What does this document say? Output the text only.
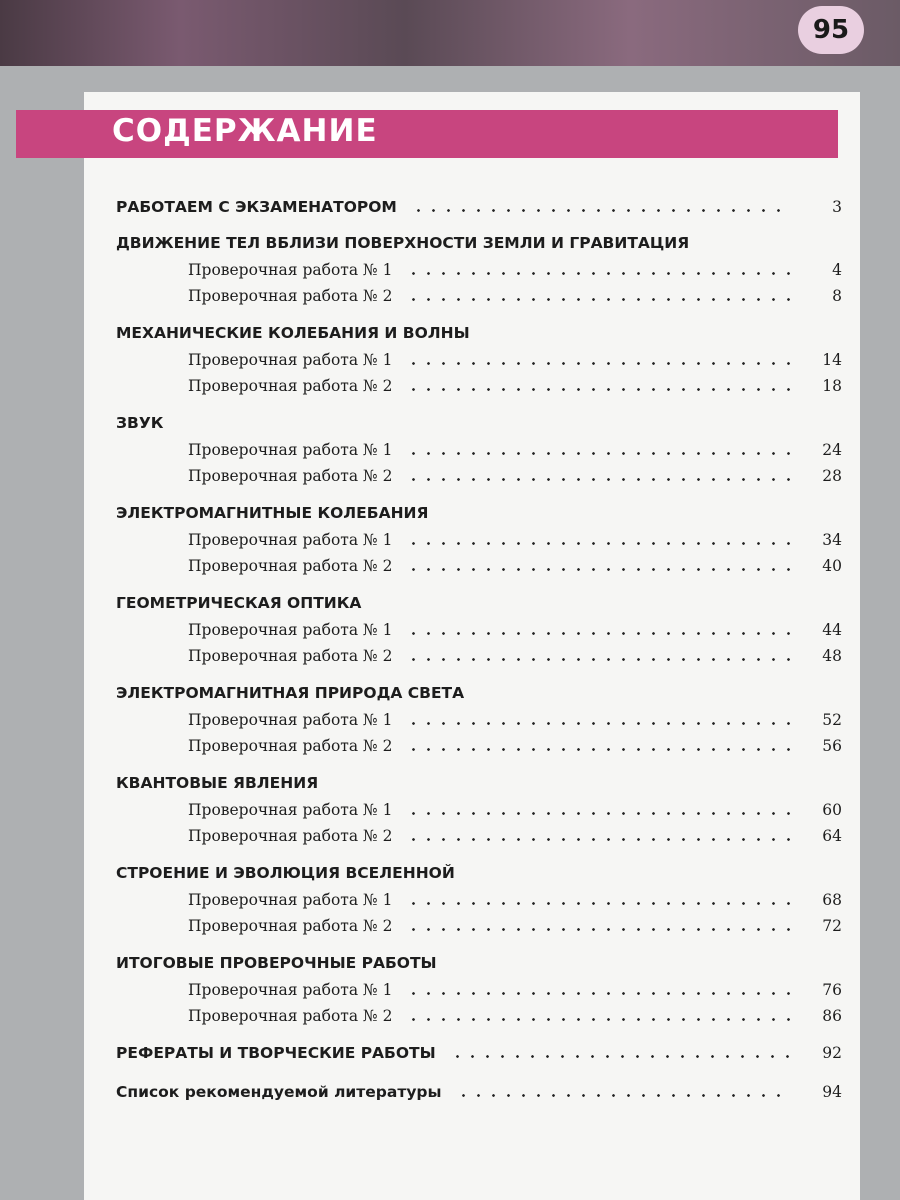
95
СОДЕРЖАНИЕ
РАБОТАЕМ С ЭКЗАМЕНАТОРОМ	3
ДВИЖЕНИЕ ТЕЛ ВБЛИЗИ ПОВЕРХНОСТИ ЗЕМЛИ И ГРАВИТАЦИЯ
Проверочная работа № 1	4
Проверочная работа № 2	8
МЕХАНИЧЕСКИЕ КОЛЕБАНИЯ И ВОЛНЫ
Проверочная работа № 1	14
Проверочная работа № 2	18
ЗВУК
Проверочная работа № 1	24
Проверочная работа № 2	28
ЭЛЕКТРОМАГНИТНЫЕ КОЛЕБАНИЯ
Проверочная работа № 1	34
Проверочная работа № 2	40
ГЕОМЕТРИЧЕСКАЯ ОПТИКА
Проверочная работа № 1	44
Проверочная работа № 2	48
ЭЛЕКТРОМАГНИТНАЯ ПРИРОДА СВЕТА
Проверочная работа № 1	52
Проверочная работа № 2	56
КВАНТОВЫЕ ЯВЛЕНИЯ
Проверочная работа № 1	60
Проверочная работа № 2	64
СТРОЕНИЕ И ЭВОЛЮЦИЯ ВСЕЛЕННОЙ
Проверочная работа № 1	68
Проверочная работа № 2	72
ИТОГОВЫЕ ПРОВЕРОЧНЫЕ РАБОТЫ
Проверочная работа № 1	76
Проверочная работа № 2	86
РЕФЕРАТЫ И ТВОРЧЕСКИЕ РАБОТЫ	92
Список рекомендуемой литературы	94
